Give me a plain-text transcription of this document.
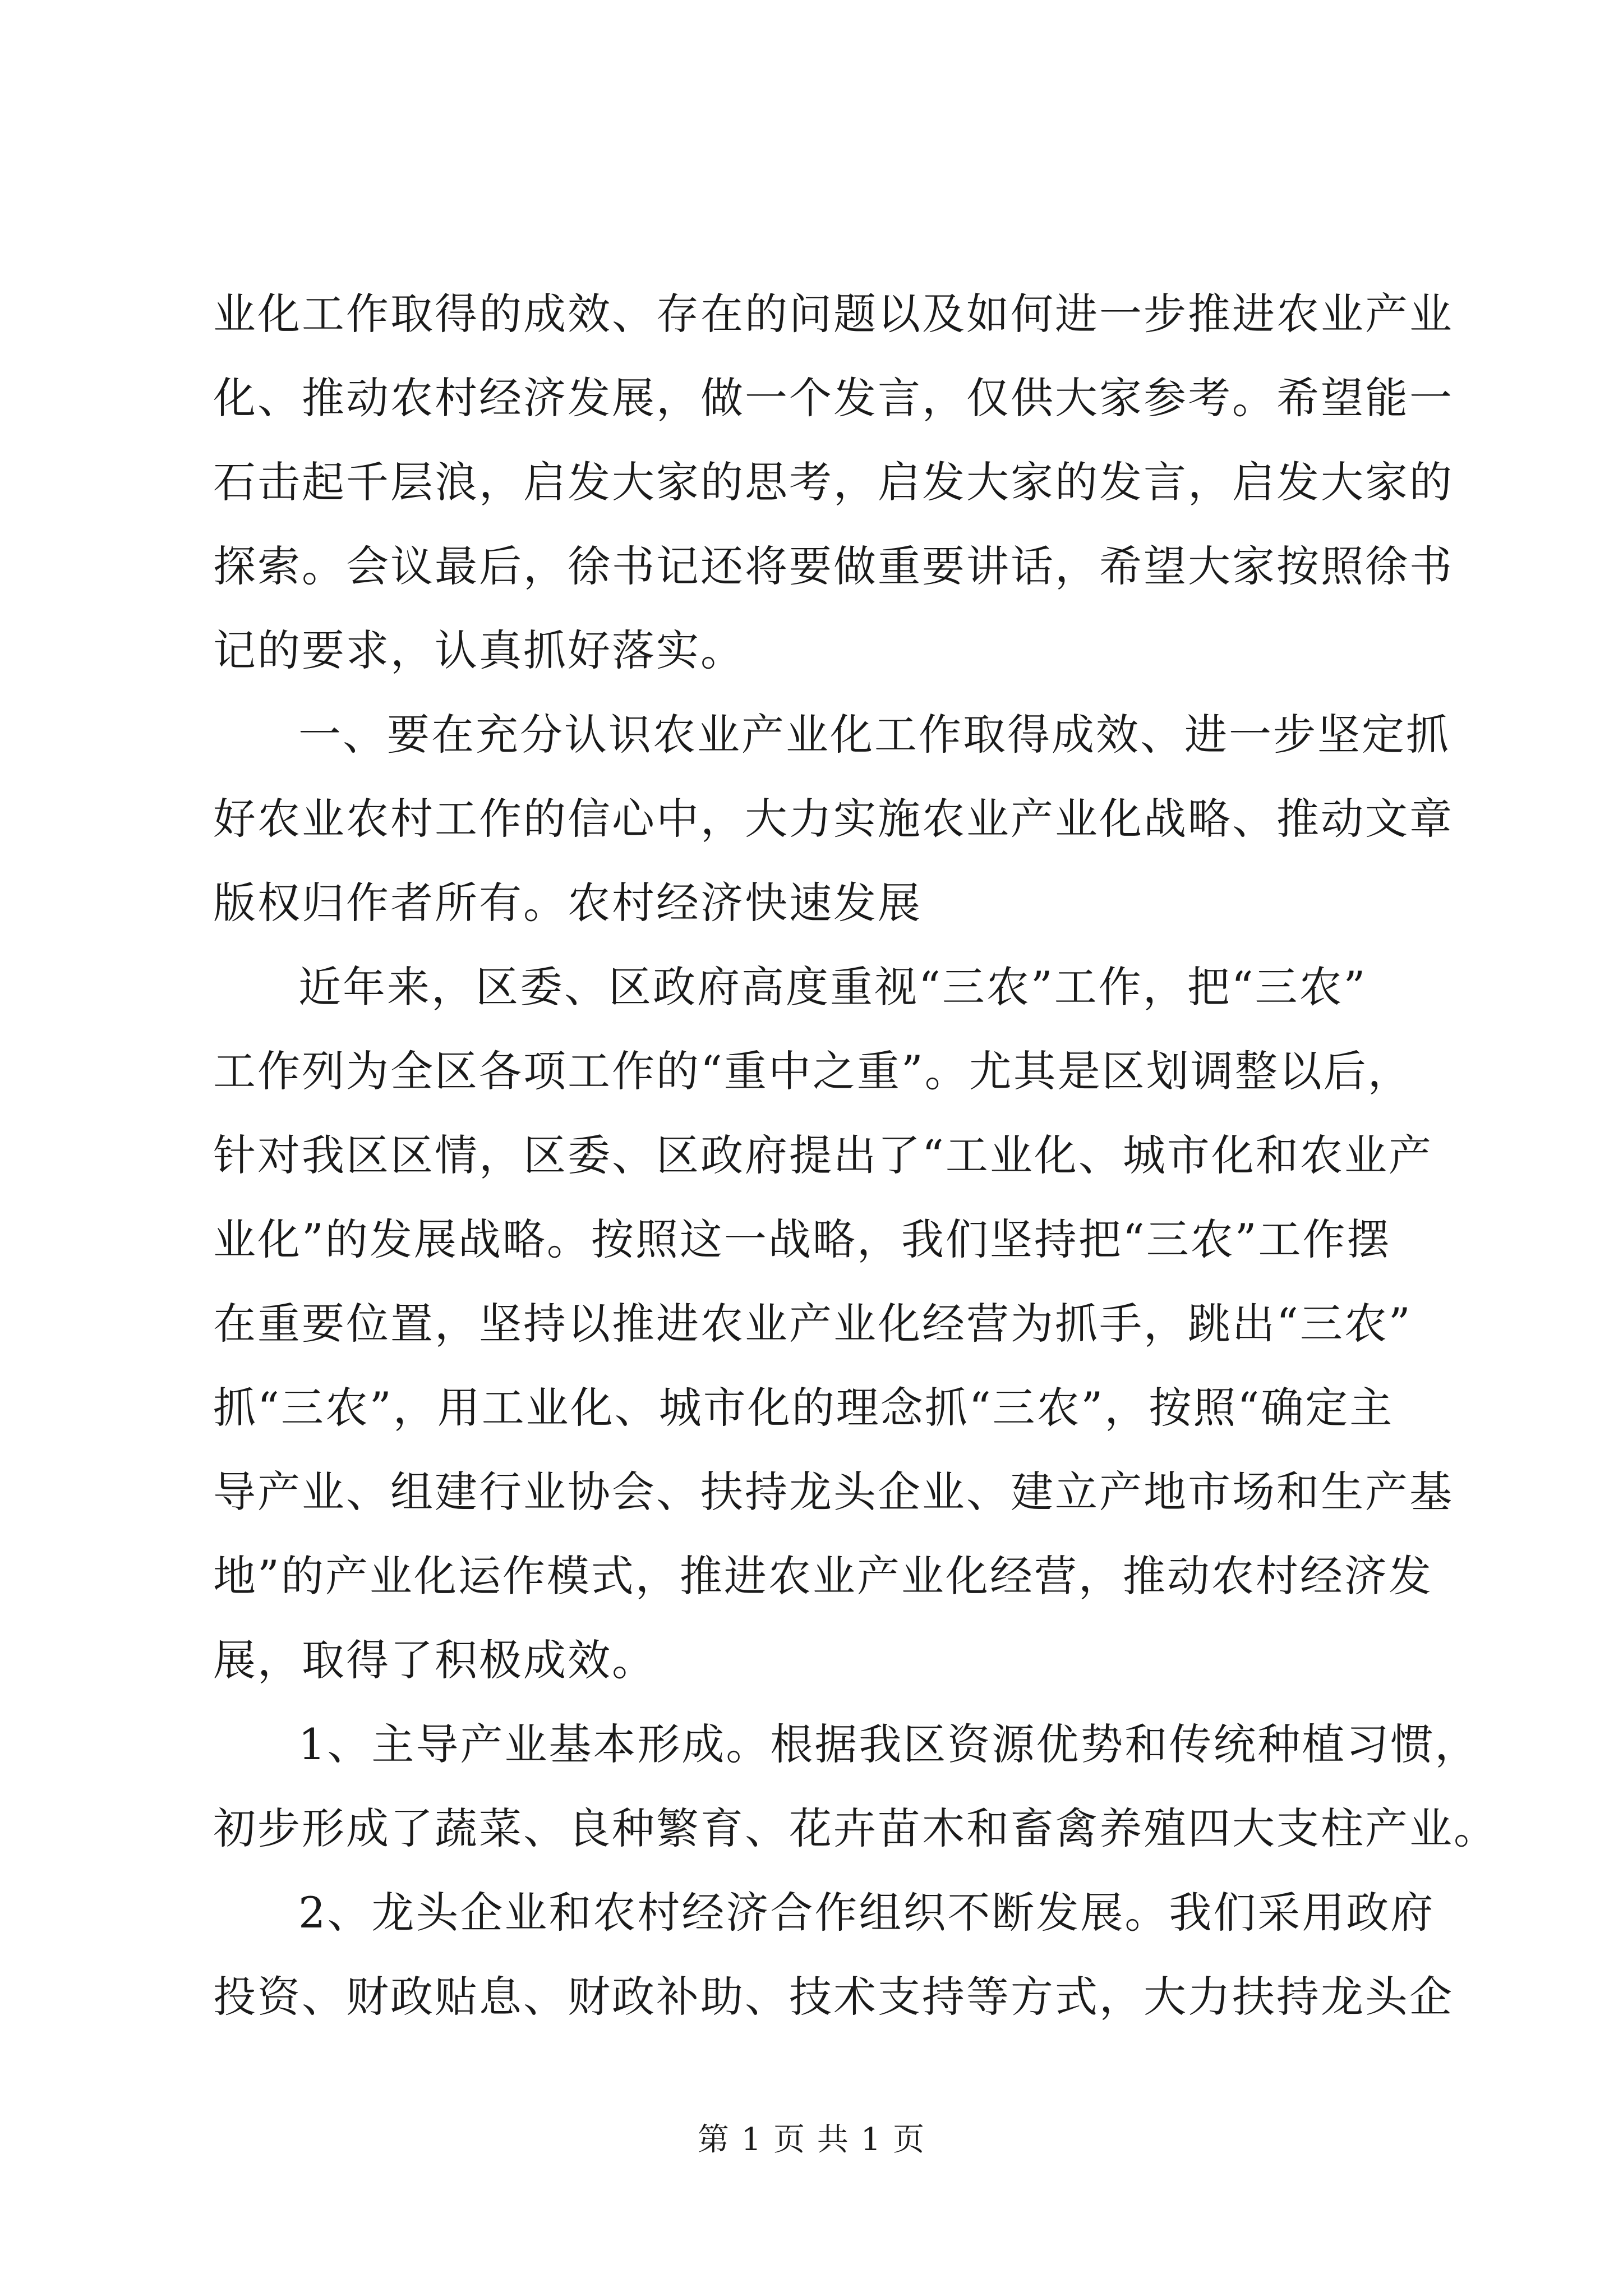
业化工作取得的成效、存在的问题以及如何进一步推进农业产业
化、推动农村经济发展，做一个发言，仅供大家参考。希望能一
石击起千层浪，启发大家的思考，启发大家的发言，启发大家的
探索。会议最后，徐书记还将要做重要讲话，希望大家按照徐书
记的要求，认真抓好落实。
一、要在充分认识农业产业化工作取得成效、进一步坚定抓
好农业农村工作的信心中，大力实施农业产业化战略、推动文章
版权归作者所有。农村经济快速发展
近年来，区委、区政府高度重视“三农”工作，把“三农”
工作列为全区各项工作的“重中之重”。尤其是区划调整以后，
针对我区区情，区委、区政府提出了“工业化、城市化和农业产
业化”的发展战略。按照这一战略，我们坚持把“三农”工作摆
在重要位置，坚持以推进农业产业化经营为抓手，跳出“三农”
抓“三农”，用工业化、城市化的理念抓“三农”，按照“确定主
导产业、组建行业协会、扶持龙头企业、建立产地市场和生产基
地”的产业化运作模式，推进农业产业化经营，推动农村经济发
展，取得了积极成效。
1、主导产业基本形成。根据我区资源优势和传统种植习惯，
初步形成了蔬菜、良种繁育、花卉苗木和畜禽养殖四大支柱产业。
2、龙头企业和农村经济合作组织不断发展。我们采用政府
投资、财政贴息、财政补助、技术支持等方式，大力扶持龙头企
第 1 页 共 1 页
